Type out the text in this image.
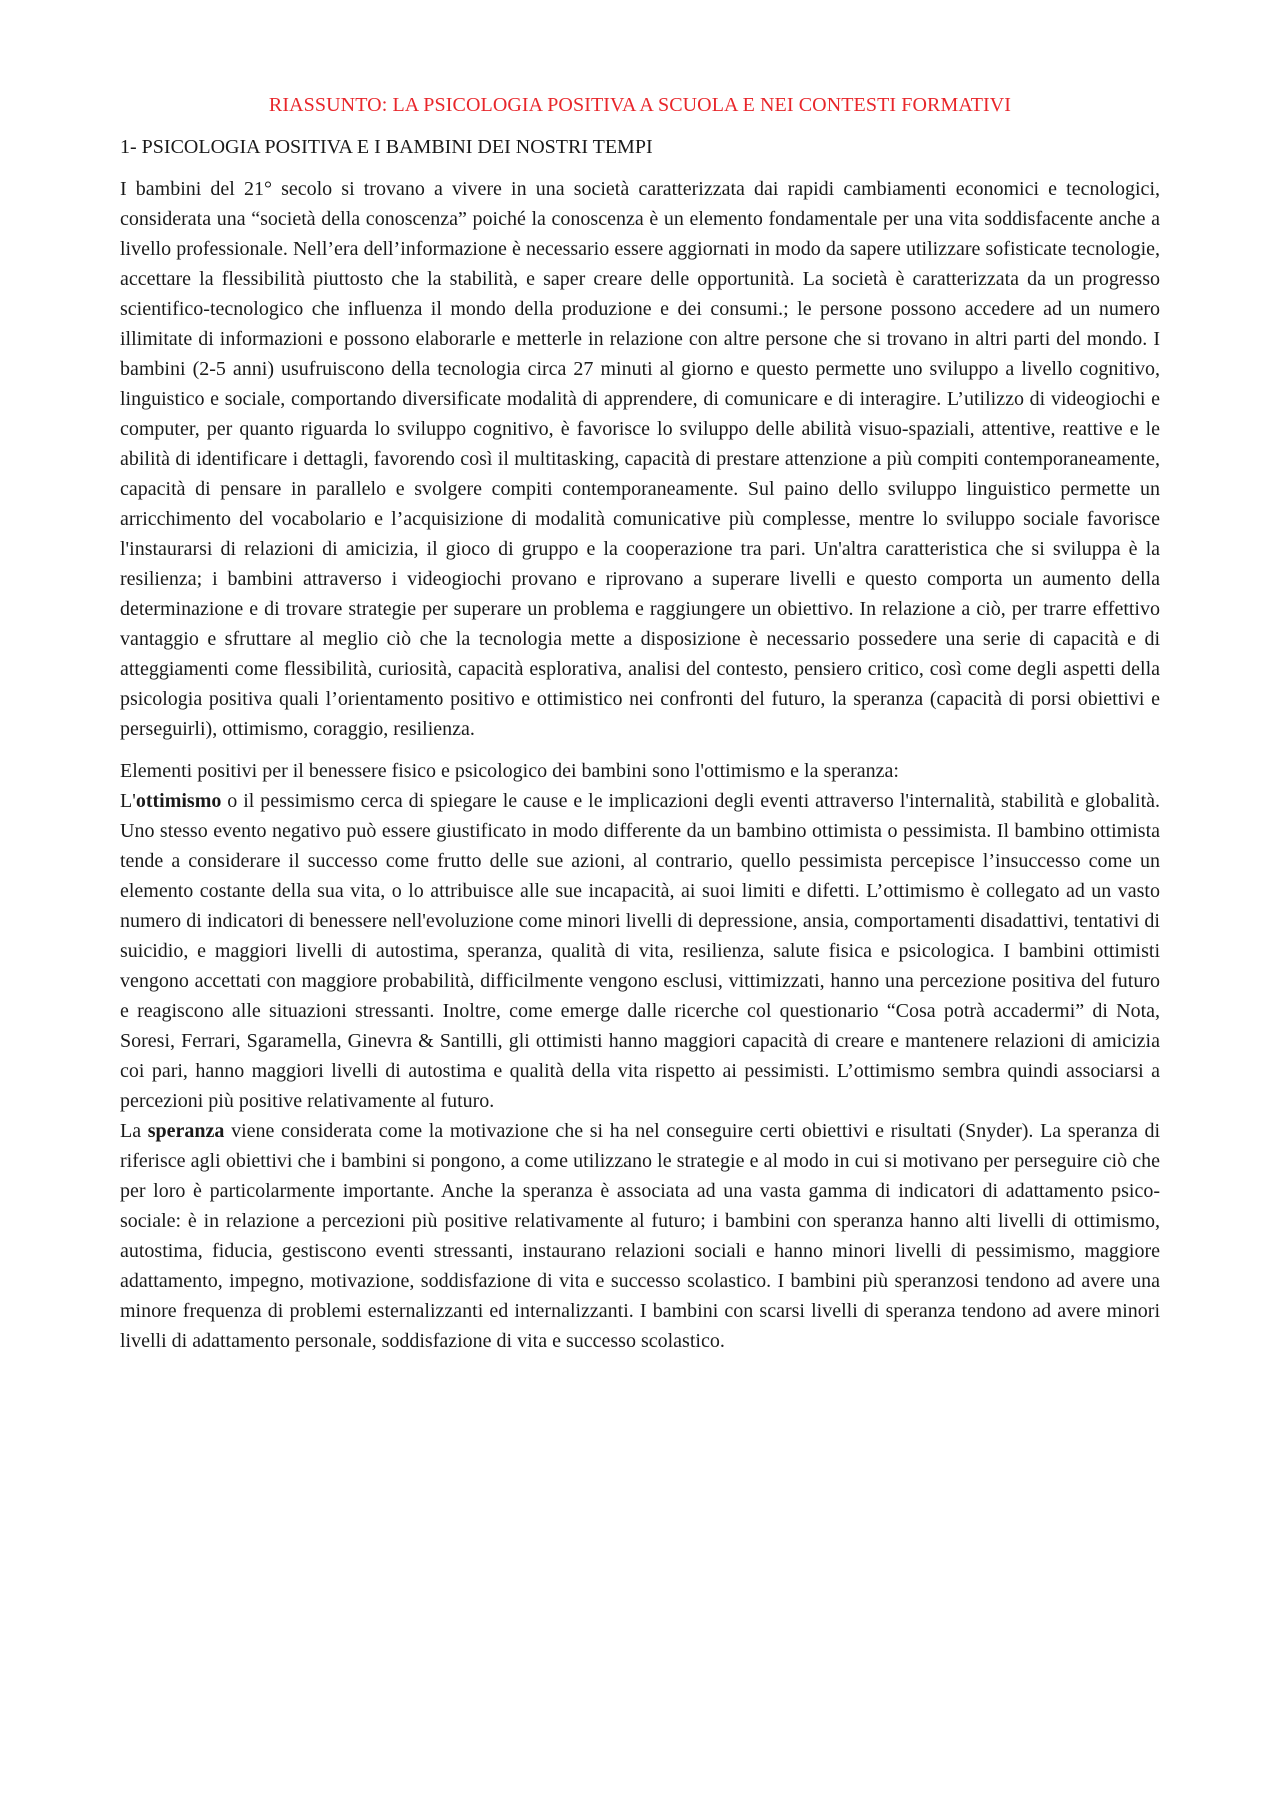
RIASSUNTO: LA PSICOLOGIA POSITIVA A SCUOLA E NEI CONTESTI FORMATIVI
1- PSICOLOGIA POSITIVA E I BAMBINI DEI NOSTRI TEMPI

I bambini del 21° secolo si trovano a vivere in una società caratterizzata dai rapidi cambiamenti economici e tecnologici, considerata una “società della conoscenza” poiché la conoscenza è un elemento fondamentale per una vita soddisfacente anche a livello professionale. Nell’era dell’informazione è necessario essere aggiornati in modo da sapere utilizzare sofisticate tecnologie, accettare la flessibilità piuttosto che la stabilità, e saper creare delle opportunità. La società è caratterizzata da un progresso scientifico-tecnologico che influenza il mondo della produzione e dei consumi.; le persone possono accedere ad un numero illimitate di informazioni e possono elaborarle e metterle in relazione con altre persone che si trovano in altri parti del mondo. I bambini (2-5 anni) usufruiscono della tecnologia circa 27 minuti al giorno e questo permette uno sviluppo a livello cognitivo, linguistico e sociale, comportando diversificate modalità di apprendere, di comunicare e di interagire. L’utilizzo di videogiochi e computer, per quanto riguarda lo sviluppo cognitivo, è favorisce lo sviluppo delle abilità visuo-spaziali, attentive, reattive e le abilità di identificare i dettagli, favorendo così il multitasking, capacità di prestare attenzione a più compiti contemporaneamente, capacità di pensare in parallelo e svolgere compiti contemporaneamente. Sul paino dello sviluppo linguistico permette un arricchimento del vocabolario e l’acquisizione di modalità comunicative più complesse, mentre lo sviluppo sociale favorisce l'instaurarsi di relazioni di amicizia, il gioco di gruppo e la cooperazione tra pari. Un'altra caratteristica che si sviluppa è la resilienza; i bambini attraverso i videogiochi provano e riprovano a superare livelli e questo comporta un aumento della determinazione e di trovare strategie per superare un problema e raggiungere un obiettivo. In relazione a ciò, per trarre effettivo vantaggio e sfruttare al meglio ciò che la tecnologia mette a disposizione è necessario possedere una serie di capacità e di atteggiamenti come flessibilità, curiosità, capacità esplorativa, analisi del contesto, pensiero critico, così come degli aspetti della psicologia positiva quali l’orientamento positivo e ottimistico nei confronti del futuro, la speranza (capacità di porsi obiettivi e perseguirli), ottimismo, coraggio, resilienza.

Elementi positivi per il benessere fisico e psicologico dei bambini sono l'ottimismo e la speranza:

L'ottimismo o il pessimismo cerca di spiegare le cause e le implicazioni degli eventi attraverso l'internalità, stabilità e globalità. Uno stesso evento negativo può essere giustificato in modo differente da un bambino ottimista o pessimista. Il bambino ottimista tende a considerare il successo come frutto delle sue azioni, al contrario, quello pessimista percepisce l’insuccesso come un elemento costante della sua vita, o lo attribuisce alle sue incapacità, ai suoi limiti e difetti. L’ottimismo è collegato ad un vasto numero di indicatori di benessere nell'evoluzione come minori livelli di depressione, ansia, comportamenti disadattivi, tentativi di suicidio, e maggiori livelli di autostima, speranza, qualità di vita, resilienza, salute fisica e psicologica. I bambini ottimisti vengono accettati con maggiore probabilità, difficilmente vengono esclusi, vittimizzati, hanno una percezione positiva del futuro e reagiscono alle situazioni stressanti. Inoltre, come emerge dalle ricerche col questionario “Cosa potrà accadermi” di Nota, Soresi, Ferrari, Sgaramella, Ginevra & Santilli, gli ottimisti hanno maggiori capacità di creare e mantenere relazioni di amicizia coi pari, hanno maggiori livelli di autostima e qualità della vita rispetto ai pessimisti. L’ottimismo sembra quindi associarsi a percezioni più positive relativamente al futuro.

La speranza viene considerata come la motivazione che si ha nel conseguire certi obiettivi e risultati (Snyder). La speranza di riferisce agli obiettivi che i bambini si pongono, a come utilizzano le strategie e al modo in cui si motivano per perseguire ciò che per loro è particolarmente importante. Anche la speranza è associata ad una vasta gamma di indicatori di adattamento psico-sociale: è in relazione a percezioni più positive relativamente al futuro; i bambini con speranza hanno alti livelli di ottimismo, autostima, fiducia, gestiscono eventi stressanti, instaurano relazioni sociali e hanno minori livelli di pessimismo, maggiore adattamento, impegno, motivazione, soddisfazione di vita e successo scolastico. I bambini più speranzosi tendono ad avere una minore frequenza di problemi esternalizzanti ed internalizzanti. I bambini con scarsi livelli di speranza tendono ad avere minori livelli di adattamento personale, soddisfazione di vita e successo scolastico.
